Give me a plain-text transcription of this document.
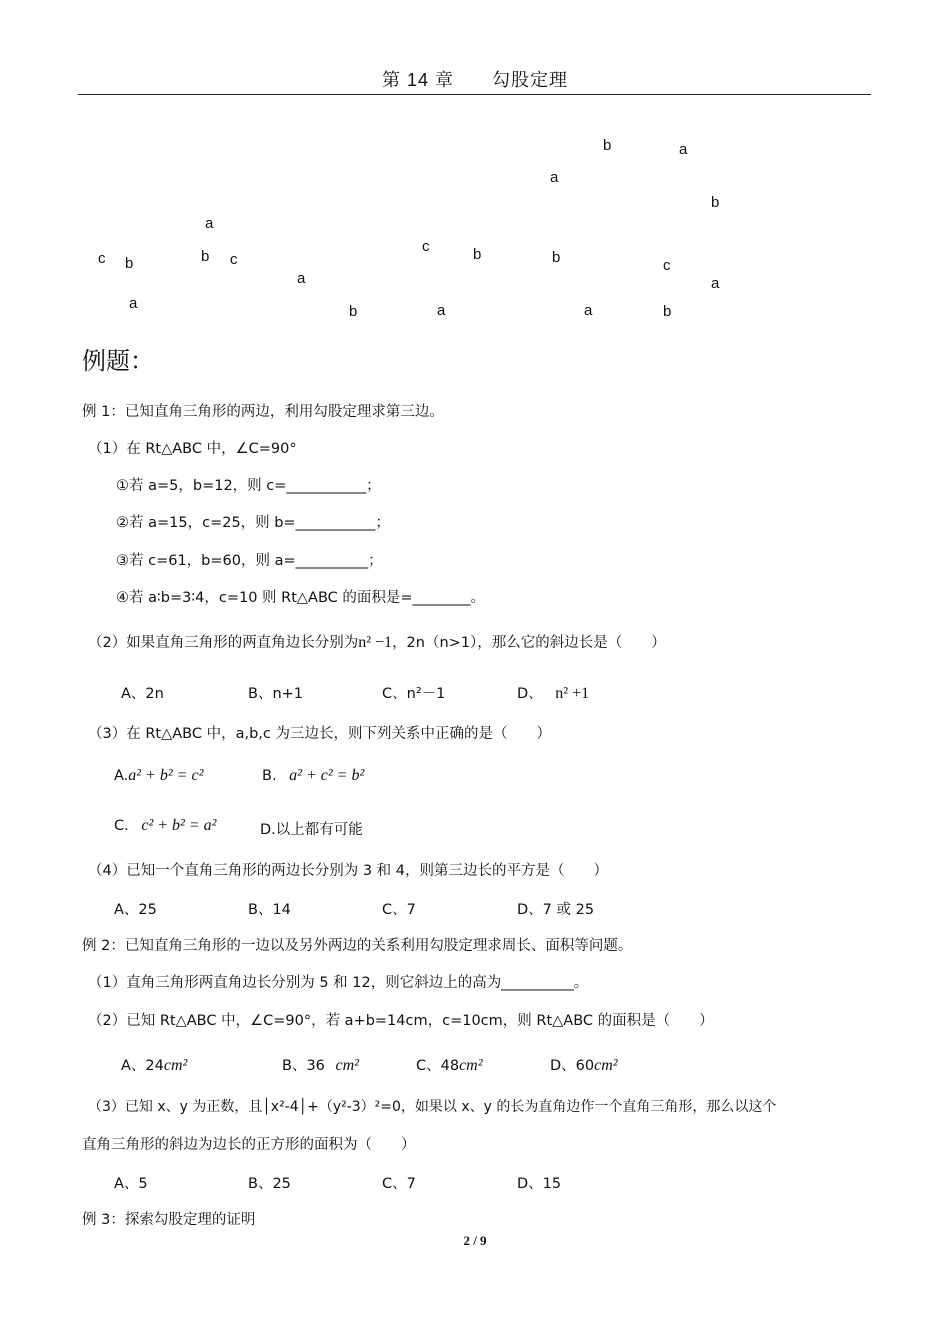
第 14 章　　勾股定理
b	a
a
b
a
c	b
b
c	c	b
b	c
a	a
a	b	a	a	b
例题：
例 1：已知直角三角形的两边，利用勾股定理求第三边。
（1）在 Rt△ABC 中，∠C=90°
①若 a=5，b=12，则 c=___________；
②若 a=15，c=25，则 b=___________；
③若 c=61，b=60，则 a=__________；
④若 a∶b=3∶4，c=10 则 Rt△ABC 的面积是=________。
（2）如果直角三角形的两直角边长分别为n² −1，2n（n>1），那么它的斜边长是（　　）
A、2n	B、n+1	C、n²－1	D、 n² +1
（3）在 Rt△ABC 中，a,b,c 为三边长，则下列关系中正确的是（　　）
A.a² + b² = c²	B. a² + c² = b²
C. c² + b² = a²	D.以上都有可能
（4）已知一个直角三角形的两边长分别为 3 和 4，则第三边长的平方是（　　）
A、25	B、14	C、7	D、7 或 25
例 2：已知直角三角形的一边以及另外两边的关系利用勾股定理求周长、面积等问题。
（1）直角三角形两直角边长分别为 5 和 12，则它斜边上的高为__________。
（2）已知 Rt△ABC 中，∠C=90°，若 a+b=14cm，c=10cm，则 Rt△ABC 的面积是（　　）
A、24cm²	B、36 cm²	C、48cm²	D、60cm²
（3）已知 x、y 为正数，且│x²-4│+（y²-3）²=0，如果以 x、y 的长为直角边作一个直角三角形，那么以这个
直角三角形的斜边为边长的正方形的面积为（　　）
A、5	B、25	C、7	D、15
例 3：探索勾股定理的证明
2 / 9
